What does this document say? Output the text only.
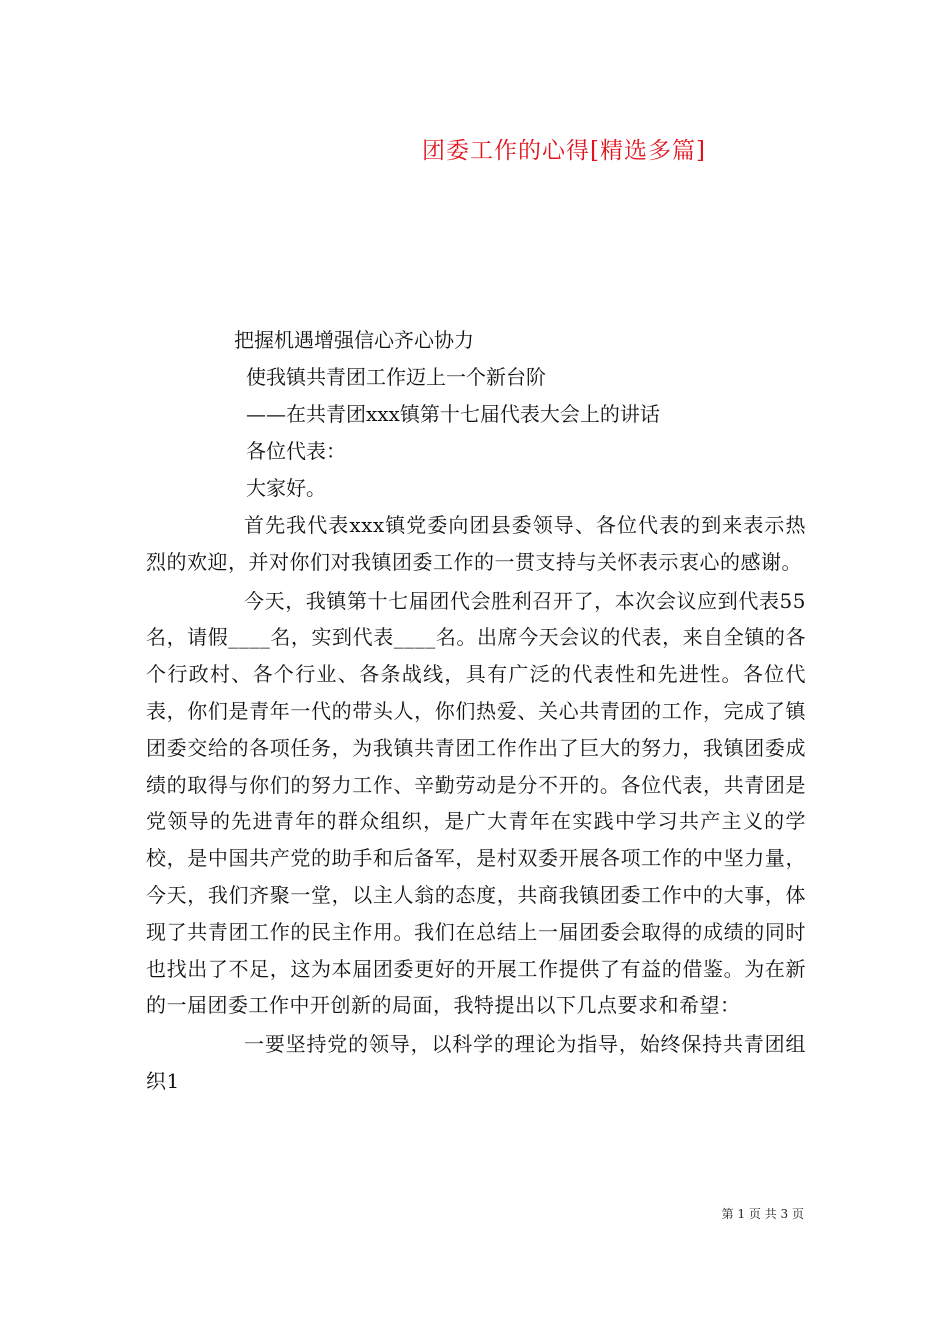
团委工作的心得[精选多篇]

把握机遇增强信心齐心协力

使我镇共青团工作迈上一个新台阶

——在共青团xxx镇第十七届代表大会上的讲话

各位代表：

大家好。

首先我代表xxx镇党委向团县委领导、各位代表的到来表示热烈的欢迎，并对你们对我镇团委工作的一贯支持与关怀表示衷心的感谢。

今天，我镇第十七届团代会胜利召开了，本次会议应到代表55名，请假____名，实到代表____名。出席今天会议的代表，来自全镇的各个行政村、各个行业、各条战线，具有广泛的代表性和先进性。各位代表，你们是青年一代的带头人，你们热爱、关心共青团的工作，完成了镇团委交给的各项任务，为我镇共青团工作作出了巨大的努力，我镇团委成绩的取得与你们的努力工作、辛勤劳动是分不开的。各位代表，共青团是党领导的先进青年的群众组织，是广大青年在实践中学习共产主义的学校，是中国共产党的助手和后备军，是村双委开展各项工作的中坚力量，今天，我们齐聚一堂，以主人翁的态度，共商我镇团委工作中的大事，体现了共青团工作的民主作用。我们在总结上一届团委会取得的成绩的同时也找出了不足，这为本届团委更好的开展工作提供了有益的借鉴。为在新的一届团委工作中开创新的局面，我特提出以下几点要求和希望：

一要坚持党的领导，以科学的理论为指导，始终保持共青团组织1

第 1 页 共 3 页
